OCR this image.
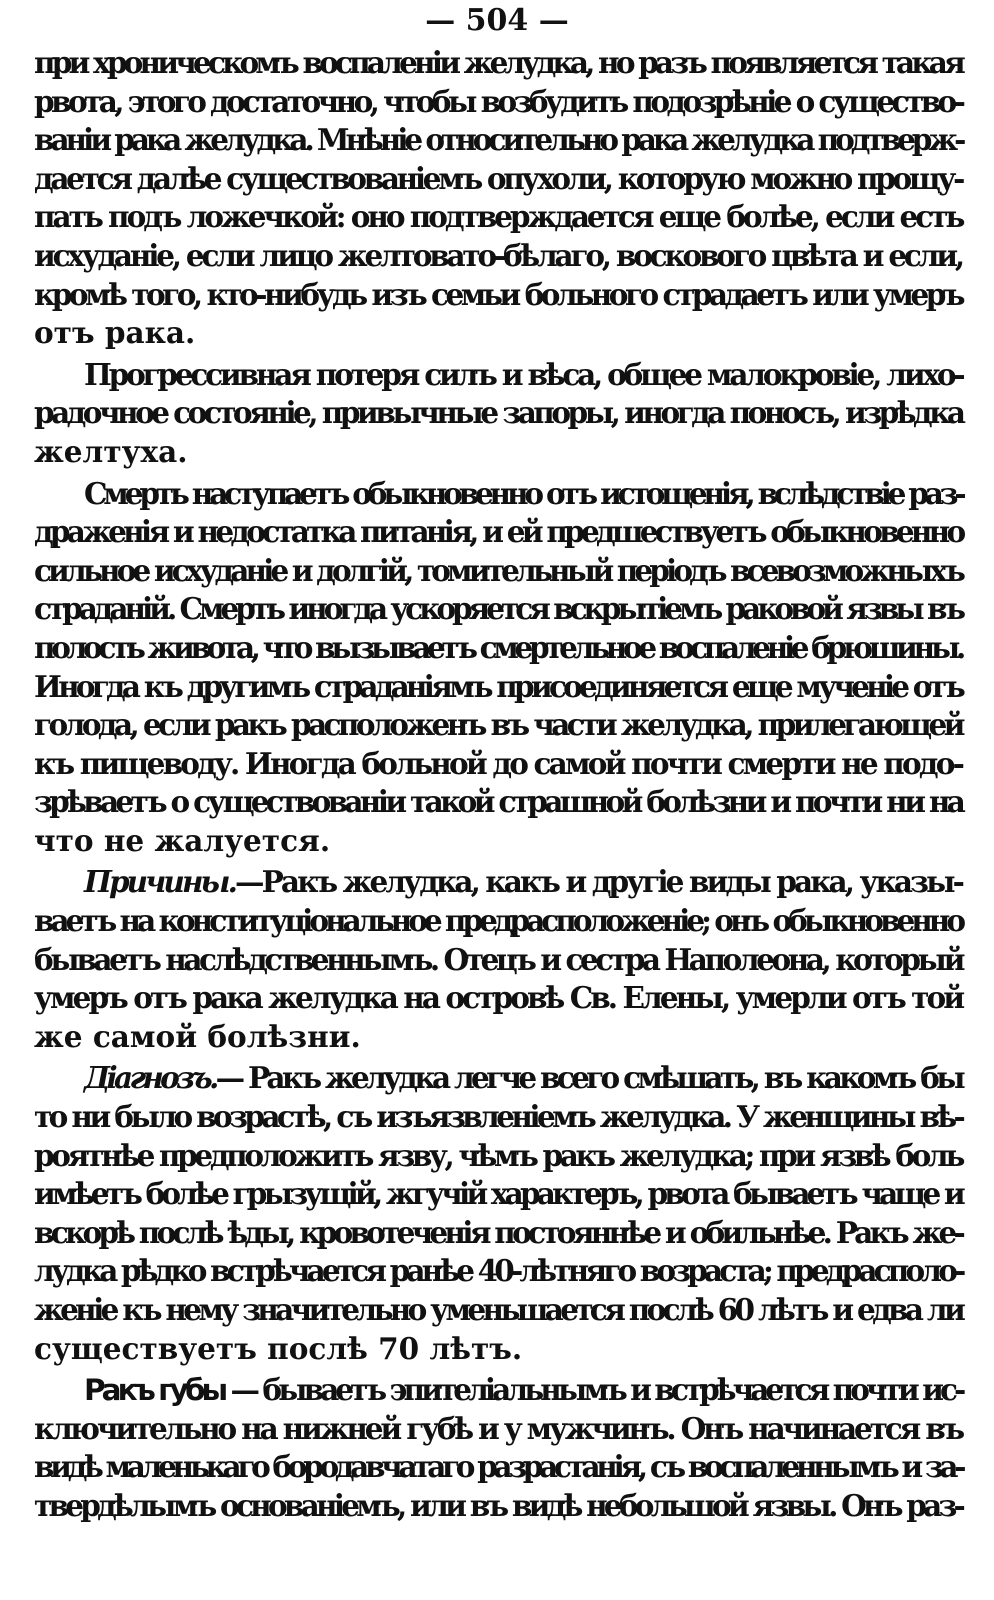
— 504 —
при хроническомъ воспаленіи желудка, но разъ появляется такая
рвота, этого достаточно, чтобы возбудить подозрѣніе о существо-
ваніи рака желудка. Мнѣніе относительно рака желудка подтверж-
дается далѣе существованіемъ опухоли, которую можно прощу-
пать подъ ложечкой: оно подтверждается еще болѣе, если есть
исхуданіе, если лицо желтовато-бѣлаго, воскового цвѣта и если,
кромѣ того, кто-нибудь изъ семьи больного страдаетъ или умеръ
отъ рака.
Прогрессивная потеря силъ и вѣса, общее малокровіе, лихо-
радочное состояніе, привычные запоры, иногда поносъ, изрѣдка
желтуха.
Смерть наступаетъ обыкновенно отъ истощенія, вслѣдствіе раз-
драженія и недостатка питанія, и ей предшествуетъ обыкновенно
сильное исхуданіе и долгій, томительный періодъ всевозможныхъ
страданій. Смерть иногда ускоряется вскрытіемъ раковой язвы въ
полость живота, что вызываетъ смертельное воспаленіе брюшины.
Иногда къ другимъ страданіямъ присоединяется еще мученіе отъ
голода, если ракъ расположенъ въ части желудка, прилегающей
къ пищеводу. Иногда больной до самой почти смерти не подо-
зрѣваетъ о существованіи такой страшной болѣзни и почти ни на
что не жалуется.
Причины.—Ракъ желудка, какъ и другіе виды рака, указы-
ваетъ на конституціональное предрасположеніе; онъ обыкновенно
бываетъ наслѣдственнымъ. Отецъ и сестра Наполеона, который
умеръ отъ рака желудка на островѣ Св. Елены, умерли отъ той
же самой болѣзни.
Діагнозъ.— Ракъ желудка легче всего смѣшать, въ какомъ бы
то ни было возрастѣ, съ изъязвленіемъ желудка. У женщины вѣ-
роятнѣе предположить язву, чѣмъ ракъ желудка; при язвѣ боль
имѣетъ болѣе грызущій, жгучій характеръ, рвота бываетъ чаще и
вскорѣ послѣ ѣды, кровотеченія постояннѣе и обильнѣе. Ракъ же-
лудка рѣдко встрѣчается ранѣе 40-лѣтняго возраста; предрасполо-
женіе къ нему значительно уменьшается послѣ 60 лѣтъ и едва ли
существуетъ послѣ 70 лѣтъ.
Ракъ губы — бываетъ эпителіальнымъ и встрѣчается почти ис-
ключительно на нижней губѣ и у мужчинъ. Онъ начинается въ
видѣ маленькаго бородавчатаго разрастанія, съ воспаленнымъ и за-
твердѣлымъ основаніемъ, или въ видѣ небольшой язвы. Онъ раз-
